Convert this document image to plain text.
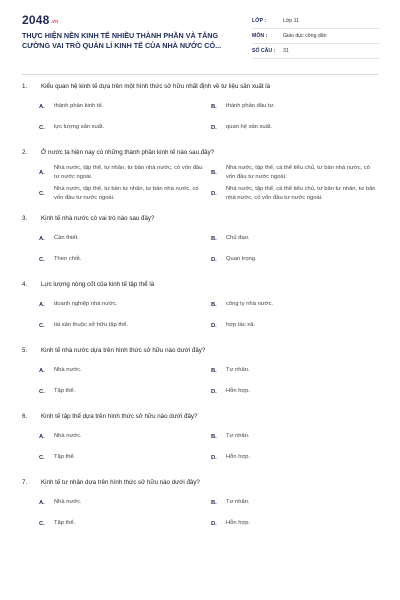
2048.vn
THỰC HIỆN NỀN KINH TẾ NHIỀU THÀNH PHẦN VÀ TĂNG CƯỜNG VAI TRÒ QUẢN LÍ KINH TẾ CỦA NHÀ NƯỚC CÓ...
LỚP :	Lớp 11
MÔN :	Giáo dục công dân
SỐ CÂU : 31
1. Kiểu quan hệ kinh tế dựa trên một hình thức sở hữu nhất định về tư liệu sản xuất là
A. thành phần kinh tế.	B. thành phần đầu tư.
C. lực lượng sản xuất.	D. quan hệ sản xuất.
2. Ở nước ta hiện nay có những thành phần kinh tế nào sau đây?
A.
Nhà nước, tập thể, tư nhân, tư bản nhà nước, có vốn đầu tư nước ngoài.
B.
Nhà nước, tập thể, cá thể tiểu chủ, tư bản nhà nước, có vốn đầu tư nước ngoài.
C.
Nhà nước, tập thể, tư bản tư nhân, tư bản nhà nước, có vốn đầu tư nước ngoài.
D.
Nhà nước, tập thể, cá thể tiểu chủ, tư bản tư nhân, tư bản nhà nước, có vốn đầu tư nước ngoài.
3. Kinh tế nhà nước có vai trò nào sau đây?
A. Cần thiết.	B. Chủ đạo.
C. Then chốt.	D. Quan trọng.
4. Lực lượng nòng cốt của kinh tế tập thể là
A. doanh nghiệp nhà nước.	B. công ty nhà nước.
C. tài sản thuộc sở hữu tập thể.	D. hợp tác xã.
5. Kinh tế nhà nước dựa trên hình thức sở hữu nào dưới đây?
A. Nhà nước.	B. Tư nhân.
C. Tập thể.	D. Hỗn hợp.
6. Kinh tế tập thể dựa trên hình thức sở hữu nào dưới đây?
A. Nhà nước.	B. Tư nhân.
C. Tập thể.	D. Hỗn hợp.
7. Kinh tế tư nhân dựa trên hình thức sở hữu nào dưới đây?
A. Nhà nước.	B. Tư nhân.
C. Tập thể.	D. Hỗn hợp.
